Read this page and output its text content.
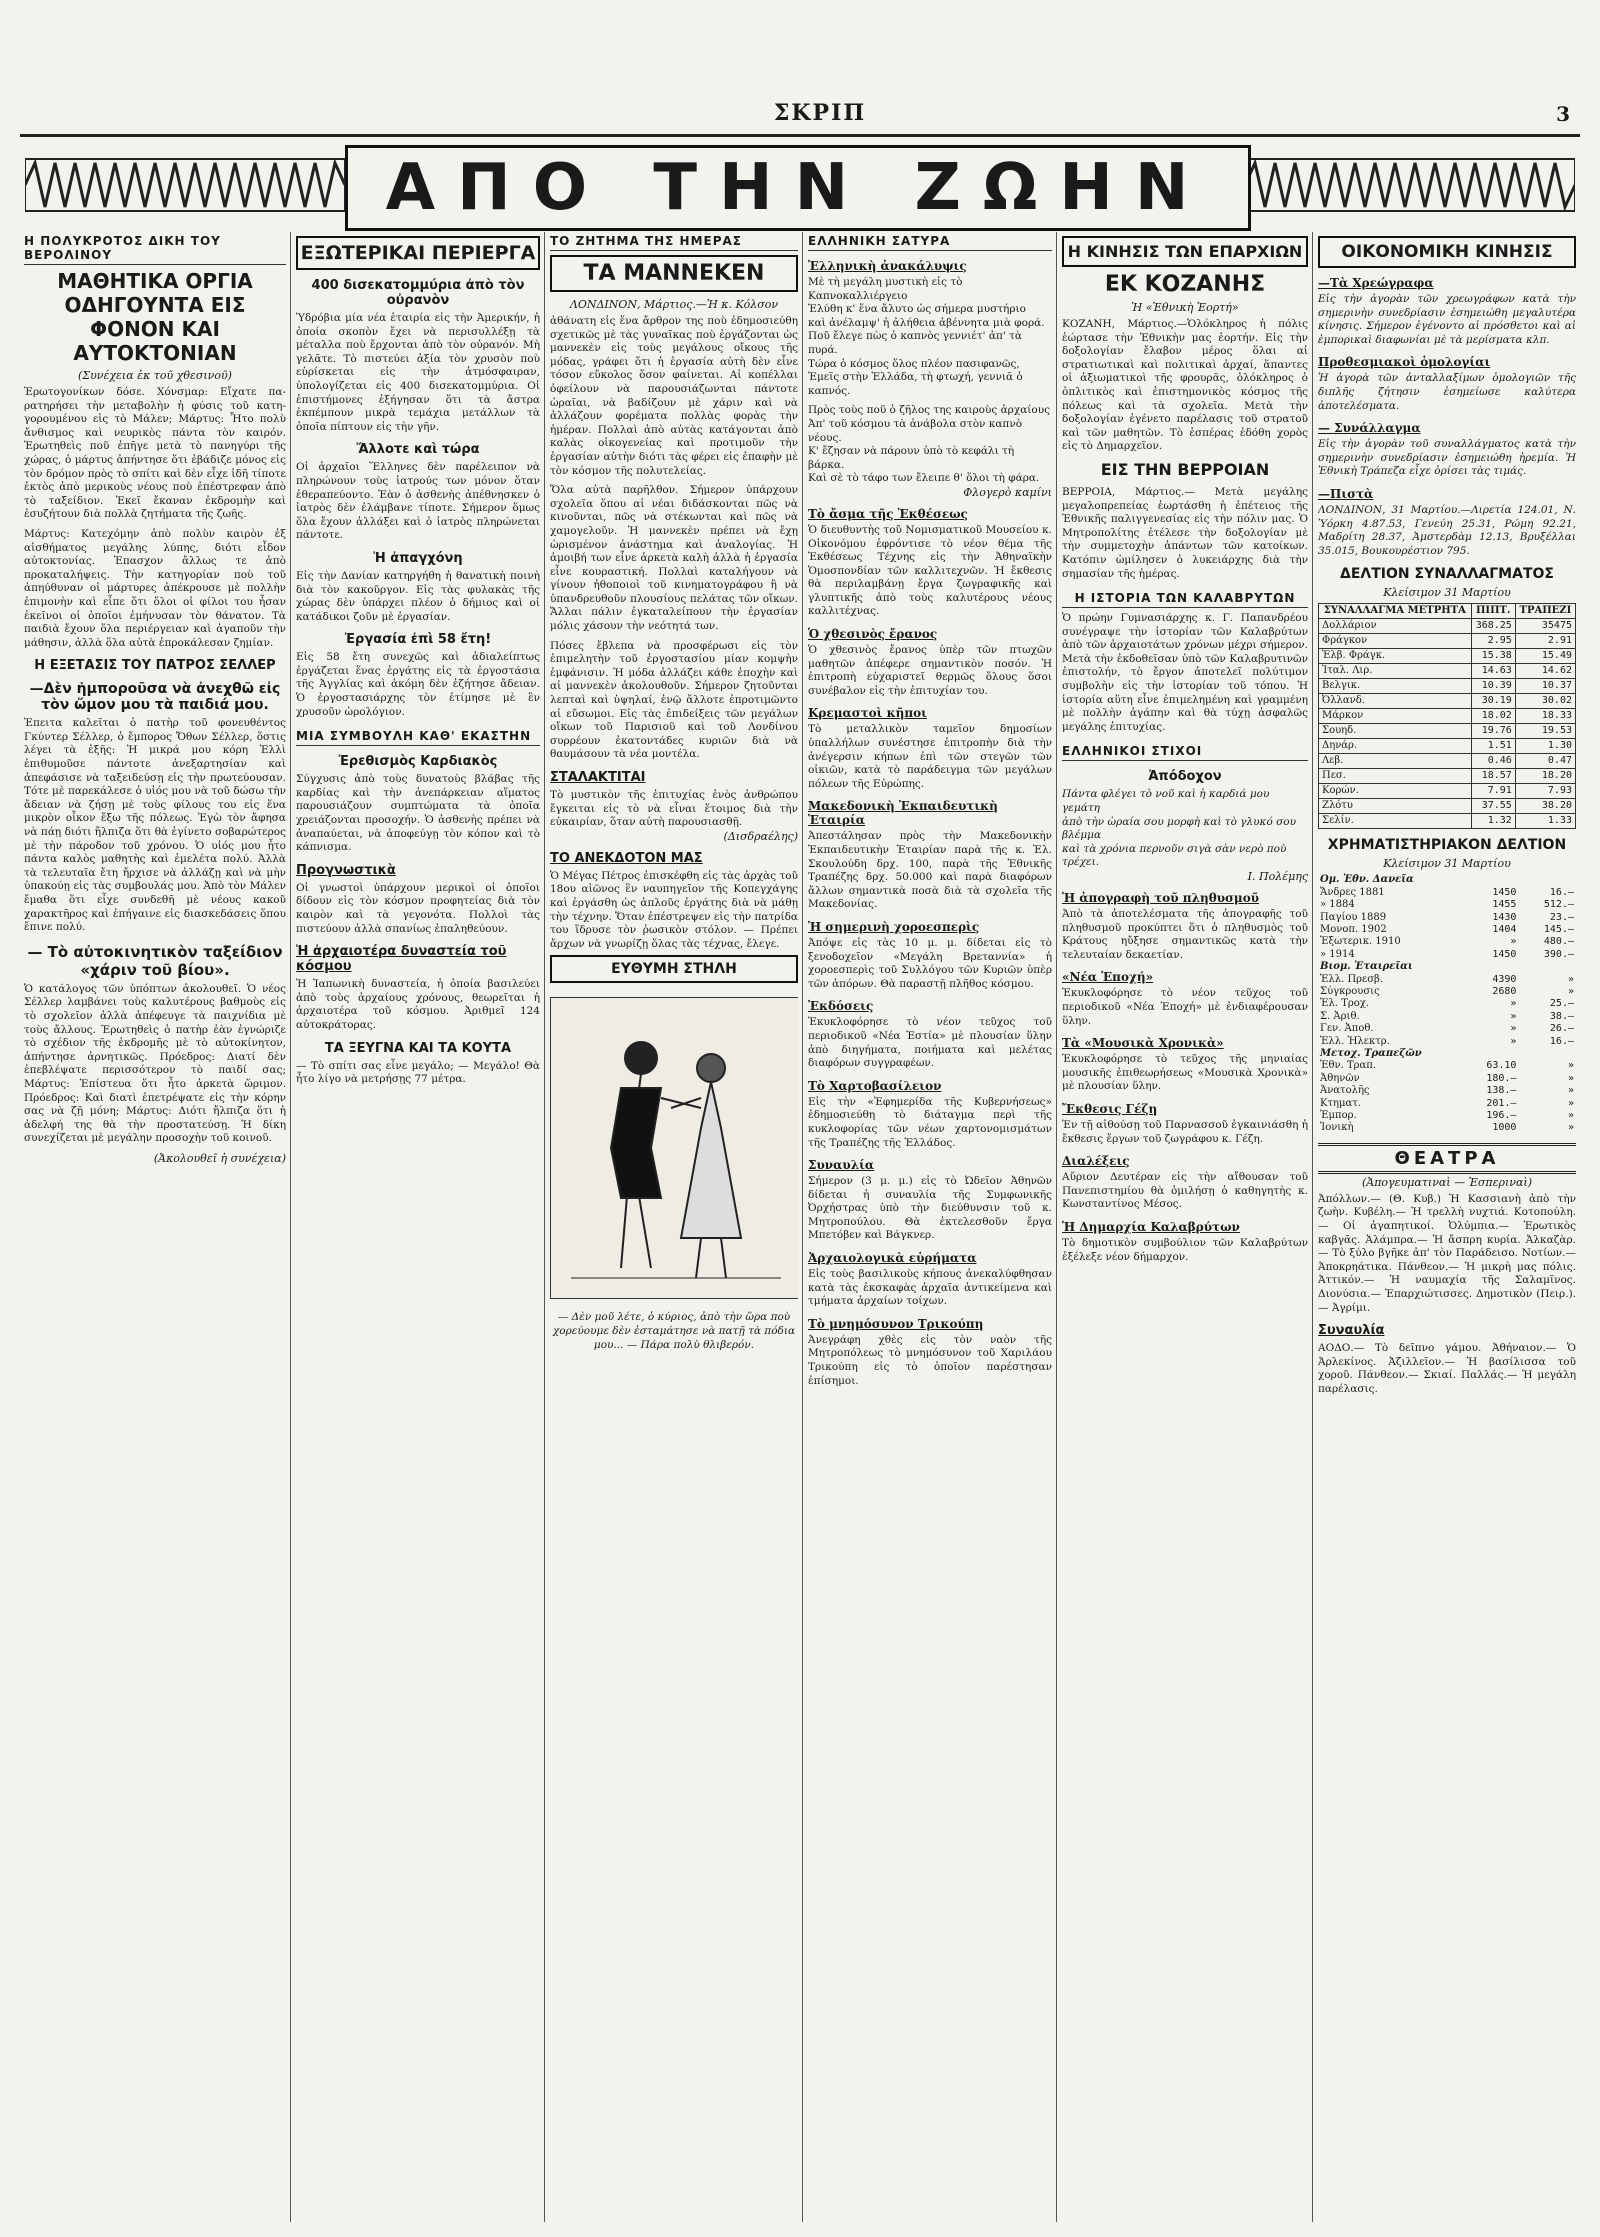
ΣΚΡΙΠ	3
ΑΠΟ ΤΗΝ ΖΩΗΝ
Η ΠΟΛΥΚΡΟΤΟΣ ΔΙΚΗ ΤΟΥ ΒΕΡΟΛΙΝΟΥ
ΜΑΘΗΤΙΚΑ ΟΡΓΙΑ ΟΔΗΓΟΥΝΤΑ ΕΙΣ ΦΟΝΟΝ ΚΑΙ ΑΥΤΟΚΤΟΝΙΑΝ
(Συνέχεια ἐκ τοῦ χθεσινοῦ)
Ἐρωτογονίκων δόσε. Χόνσμαρ: Εἴχατε πα-ρατηρήσει τὴν μεταβολὴν ἡ φύσις τοῦ κατη-γορουμένου εἰς τὸ Μάλεν; Μάρτυς: Ἦτο πολὺ ἄνθισμος καὶ νευρικὸς πάντα τὸν καιρόν. Ἐρωτηθεὶς ποῦ ἐπῆγε μετὰ τὸ πανηγύρι τῆς χώρας, ὁ μάρτυς ἀπήντησε ὅτι ἐβάδιζε μόνος εἰς τὸν δρόμον πρὸς τὸ σπίτι καὶ δὲν εἶχε ἰδῆ τίποτε ἐκτὸς ἀπὸ μερικοὺς νέους ποὺ ἐπέστρεφαν ἀπὸ τὸ ταξείδιον. Ἐκεῖ ἔκαναν ἐκδρομὴν καὶ ἐσυζήτουν διὰ πολλὰ ζητήματα τῆς ζωῆς.
Μάρτυς: Κατεχόμην ἀπὸ πολὺν καιρὸν ἐξ αἰσθήματος μεγάλης λύπης, διότι εἶδον αὐτοκτονίας. Ἐπασχον ἄλλως τε ἀπὸ προκαταλήψεις. Τὴν κατηγορίαν ποὺ τοῦ ἀπηύθυναν οἱ μάρτυρες ἀπέκρουσε μὲ πολλὴν ἐπιμονὴν καὶ εἶπε ὅτι ὅλοι οἱ φίλοι του ἦσαν ἐκεῖνοι οἱ ὁποῖοι ἐμήνυσαν τὸν θάνατον. Τὰ παιδιὰ ἔχουν ὅλα περιέργειαν καὶ ἀγαποῦν τὴν μάθησιν, ἀλλὰ ὅλα αὐτὰ ἐπροκάλεσαν ζημίαν.
Η ΕΞΕΤΑΣΙΣ ΤΟΥ ΠΑΤΡΟΣ ΣΕΛΛΕΡ
—Δὲν ἠμποροῦσα νὰ ἀνεχθῶ εἰς τὸν ὤμον μου τὰ παιδιά μου.
Ἐπειτα καλεῖται ὁ πατὴρ τοῦ φονευθέντος Γκύντερ Σέλλερ, ὁ ἔμπορος Ὄθων Σέλλερ, ὅστις λέγει τὰ ἑξῆς: Ἡ μικρά μου κόρη Ἑλλὶ ἐπιθυμοῦσε πάντοτε ἀνεξαρτησίαν καὶ ἀπεφάσισε νὰ ταξειδεύσῃ εἰς τὴν πρωτεύουσαν. Τότε μὲ παρεκάλεσε ὁ υἱός μου νὰ τοῦ δώσω τὴν ἄδειαν νὰ ζήσῃ μὲ τοὺς φίλους του εἰς ἕνα μικρὸν οἶκον ἔξω τῆς πόλεως. Ἐγὼ τὸν ἄφησα νὰ πάῃ διότι ἤλπιζα ὅτι θὰ ἐγίνετο σοβαρώτερος μὲ τὴν πάροδον τοῦ χρόνου. Ὁ υἱός μου ἦτο πάντα καλὸς μαθητὴς καὶ ἐμελέτα πολύ. Ἀλλὰ τὰ τελευταῖα ἔτη ἤρχισε νὰ ἀλλάζῃ καὶ νὰ μὴν ὑπακούῃ εἰς τὰς συμβουλάς μου. Ἀπὸ τὸν Μάλεν ἔμαθα ὅτι εἶχε συνδεθῆ μὲ νέους κακοῦ χαρακτῆρος καὶ ἐπήγαινε εἰς διασκεδάσεις ὅπου ἔπινε πολύ.
— Τὸ αὐτοκινητικὸν ταξείδιον «χάριν τοῦ βίου».
Ὁ κατάλογος τῶν ὑπόπτων ἀκολουθεῖ. Ὁ νέος Σέλλερ λαμβάνει τοὺς καλυτέρους βαθμοὺς εἰς τὸ σχολεῖον ἀλλὰ ἀπέφευγε τὰ παιχνίδια μὲ τοὺς ἄλλους. Ἐρωτηθεὶς ὁ πατὴρ ἐὰν ἐγνώριζε τὸ σχέδιον τῆς ἐκδρομῆς μὲ τὸ αὐτοκίνητον, ἀπήντησε ἀρνητικῶς. Πρόεδρος: Διατί δὲν ἐπεβλέψατε περισσότερον τὸ παιδί σας; Μάρτυς: Ἐπίστευα ὅτι ἦτο ἀρκετὰ ὥριμον. Πρόεδρος: Καὶ διατὶ ἐπετρέψατε εἰς τὴν κόρην σας νὰ ζῇ μόνη; Μάρτυς: Διότι ἤλπιζα ὅτι ἡ ἀδελφή της θὰ τὴν προστατεύσῃ. Ἡ δίκη συνεχίζεται μὲ μεγάλην προσοχὴν τοῦ κοινοῦ.
(Ἀκολουθεῖ ἡ συνέχεια)
ΕΞΩΤΕΡΙΚΑΙ ΠΕΡΙΕΡΓΑ
400 δισεκατομμύρια ἀπὸ τὸν οὐρανὸν
Ὑδρόβια μία νέα ἑταιρία εἰς τὴν Ἀμερικήν, ἡ ὁποία σκοπὸν ἔχει νὰ περισυλλέξῃ τὰ μέταλλα ποὺ ἔρχονται ἀπὸ τὸν οὐρανόν. Μὴ γελᾶτε. Τὸ πιστεύει ἀξία τὸν χρυσὸν ποὺ εὑρίσκεται εἰς τὴν ἀτμόσφαιραν, ὑπολογίζεται εἰς 400 δισεκατομμύρια. Οἱ ἐπιστήμονες ἐξήγησαν ὅτι τὰ ἄστρα ἐκπέμπουν μικρὰ τεμάχια μετάλλων τὰ ὁποῖα πίπτουν εἰς τὴν γῆν.
Ἄλλοτε καὶ τώρα
Οἱ ἀρχαῖοι Ἕλληνες δὲν παρέλειπον νὰ πληρώνουν τοὺς ἰατρούς των μόνον ὅταν ἐθεραπεύοντο. Ἐὰν ὁ ἀσθενὴς ἀπέθνησκεν ὁ ἰατρὸς δὲν ἐλάμβανε τίποτε. Σήμερον ὅμως ὅλα ἔχουν ἀλλάξει καὶ ὁ ἰατρὸς πληρώνεται πάντοτε.
Ἡ ἀπαγχόνη
Εἰς τὴν Δανίαν κατηργήθη ἡ θανατικὴ ποινὴ διὰ τὸν κακοῦργον. Εἰς τὰς φυλακὰς τῆς χώρας δὲν ὑπάρχει πλέον ὁ δήμιος καὶ οἱ κατάδικοι ζοῦν μὲ ἐργασίαν.
Ἐργασία ἐπὶ 58 ἔτη!
Εἰς 58 ἔτη συνεχῶς καὶ ἀδιαλείπτως ἐργάζεται ἕνας ἐργάτης εἰς τὰ ἐργοστάσια τῆς Ἀγγλίας καὶ ἀκόμη δὲν ἐζήτησε ἄδειαν. Ὁ ἐργοστασιάρχης τὸν ἐτίμησε μὲ ἓν χρυσοῦν ὡρολόγιον.
ΜΙΑ ΣΥΜΒΟΥΛΗ ΚΑΘ' ΕΚΑΣΤΗΝ
Ἐρεθισμὸς Καρδιακὸς
Σύγχυσις ἀπὸ τοὺς δυνατοὺς βλάβας τῆς καρδίας καὶ τὴν ἀνεπάρκειαν αἵματος παρουσιάζουν συμπτώματα τὰ ὁποῖα χρειάζονται προσοχήν. Ὁ ἀσθενὴς πρέπει νὰ ἀναπαύεται, νὰ ἀποφεύγῃ τὸν κόπον καὶ τὸ κάπνισμα.
Προγνωστικὰ
Οἱ γνωστοὶ ὑπάρχουν μερικοὶ οἱ ὁποῖοι δίδουν εἰς τὸν κόσμον προφητείας διὰ τὸν καιρὸν καὶ τὰ γεγονότα. Πολλοὶ τὰς πιστεύουν ἀλλὰ σπανίως ἐπαληθεύουν.
Ἡ ἀρχαιοτέρα δυναστεία τοῦ κόσμου
Ἡ Ἰαπωνικὴ δυναστεία, ἡ ὁποία βασιλεύει ἀπὸ τοὺς ἀρχαίους χρόνους, θεωρεῖται ἡ ἀρχαιοτέρα τοῦ κόσμου. Ἀριθμεῖ 124 αὐτοκράτορας.
ΤΑ ΞΕΥΓΝΑ ΚΑΙ ΤΑ ΚΟΥΤΑ
— Τὸ σπίτι σας εἶνε μεγάλο; — Μεγάλο! Θὰ ἦτο λίγο νὰ μετρήσῃς 77 μέτρα.
ΤΟ ΖΗΤΗΜΑ ΤΗΣ ΗΜΕΡΑΣ
ΤΑ ΜΑΝΝΕΚΕΝ
ΛΟΝΔΙΝΟΝ, Μάρτιος.—Ἡ κ. Κόλσον
ἀθάνατη εἰς ἕνα ἄρθρον της ποὺ ἐδημοσιεύθη σχετικῶς μὲ τὰς γυναῖκας ποὺ ἐργάζονται ὡς μαννεκὲν εἰς τοὺς μεγάλους οἴκους τῆς μόδας, γράφει ὅτι ἡ ἐργασία αὐτὴ δὲν εἶνε τόσον εὔκολος ὅσον φαίνεται. Αἱ κοπέλλαι ὀφείλουν νὰ παρουσιάζωνται πάντοτε ὡραῖαι, νὰ βαδίζουν μὲ χάριν καὶ νὰ ἀλλάζουν φορέματα πολλὰς φορὰς τὴν ἡμέραν. Πολλαὶ ἀπὸ αὐτὰς κατάγονται ἀπὸ καλὰς οἰκογενείας καὶ προτιμοῦν τὴν ἐργασίαν αὐτὴν διότι τὰς φέρει εἰς ἐπαφὴν μὲ τὸν κόσμον τῆς πολυτελείας.
Ὅλα αὐτὰ παρῆλθον. Σήμερον ὑπάρχουν σχολεῖα ὅπου αἱ νέαι διδάσκονται πῶς νὰ κινοῦνται, πῶς νὰ στέκωνται καὶ πῶς νὰ χαμογελοῦν. Ἡ μαννεκὲν πρέπει νὰ ἔχῃ ὡρισμένον ἀνάστημα καὶ ἀναλογίας. Ἡ ἀμοιβή των εἶνε ἀρκετὰ καλὴ ἀλλὰ ἡ ἐργασία εἶνε κουραστική. Πολλαὶ καταλήγουν νὰ γίνουν ἠθοποιοὶ τοῦ κινηματογράφου ἢ νὰ ὑπανδρευθοῦν πλουσίους πελάτας τῶν οἴκων. Ἄλλαι πάλιν ἐγκαταλείπουν τὴν ἐργασίαν μόλις χάσουν τὴν νεότητά των.
Πόσες ἔβλεπα νὰ προσφέρωσι εἰς τὸν ἐπιμελητὴν τοῦ ἐργοστασίου μίαν κομψὴν ἐμφάνισιν. Ἡ μόδα ἀλλάζει κάθε ἐποχὴν καὶ αἱ μαννεκὲν ἀκολουθοῦν. Σήμερον ζητοῦνται λεπταὶ καὶ ὑψηλαί, ἐνῷ ἄλλοτε ἐπροτιμῶντο αἱ εὔσωμοι. Εἰς τὰς ἐπιδείξεις τῶν μεγάλων οἴκων τοῦ Παρισιοῦ καὶ τοῦ Λονδίνου συρρέουν ἑκατοντάδες κυριῶν διὰ νὰ θαυμάσουν τὰ νέα μοντέλα.
ΣΤΑΛΑΚΤΙΤΑΙ
Τὸ μυστικὸν τῆς ἐπιτυχίας ἑνὸς ἀνθρώπου ἔγκειται εἰς τὸ νὰ εἶναι ἕτοιμος διὰ τὴν εὐκαιρίαν, ὅταν αὐτὴ παρουσιασθῇ.
(Δισδραέλης)
ΤΟ ΑΝΕΚΔΟΤΟΝ ΜΑΣ
Ὁ Μέγας Πέτρος ἐπισκέφθη εἰς τὰς ἀρχὰς τοῦ 18ου αἰῶνος ἓν ναυπηγεῖον τῆς Κοπεγχάγης καὶ ἐργάσθη ὡς ἁπλοῦς ἐργάτης διὰ νὰ μάθῃ τὴν τέχνην. Ὅταν ἐπέστρεψεν εἰς τὴν πατρίδα του ἵδρυσε τὸν ῥωσικὸν στόλον. — Πρέπει ἄρχων νὰ γνωρίζῃ ὅλας τὰς τέχνας, ἔλεγε.
ΕΥΘΥΜΗ ΣΤΗΛΗ
— Δὲν μοῦ λέτε, ὁ κύριος, ἀπὸ τὴν ὥρα ποὺ χορεύουμε δὲν ἐσταμάτησε νὰ πατῇ τὰ πόδια μου... — Πάρα πολὺ θλιβερόν.
ΕΛΛΗΝΙΚΗ ΣΑΤΥΡΑ
Ἑλληνικὴ ἀνακάλυψις
Μὲ τὴ μεγάλη μυστικὴ εἰς τὸ Καπνοκαλλιέργειο
Ἐλύθη κ' ἕνα ἄλυτο ὡς σήμερα μυστήριο
καὶ ἀνέλαμψ' ἡ ἀλήθεια ἀβέννητα μιὰ φορά.
Ποῦ ἔλεγε πὼς ὁ καπνὸς γεννιέτ' ἀπ' τὰ πυρά.
Τώρα ὁ κόσμος ὅλος πλέον πασιφανῶς,
Ἐμεῖς στὴν Ἑλλάδα, τὴ φτωχή, γεννιᾶ ὁ καπνός.
Πρὸς τοὺς ποῦ ὁ ζῆλος της καιροὺς ἀρχαίους
Ἀπ' τοῦ κόσμου τὰ ἀνάβολα στὸν καπνὸ νέους.
Κ' ἔζησαν νὰ πάρουν ὑπὸ τὸ κεφάλι τὴ βάρκα.
Καὶ σὲ τὸ τάφο των ἔλειπε θ' ὅλοι τὴ φάρα.
Φλογερὸ καμίνι
Τὸ ἄσμα τῆς Ἐκθέσεως
Ὁ διευθυντὴς τοῦ Νομισματικοῦ Μουσείου κ. Οἰκονόμου ἐφρόντισε τὸ νέον θέμα τῆς Ἐκθέσεως Τέχνης εἰς τὴν Ἀθηναϊκὴν Ὁμοσπονδίαν τῶν καλλιτεχνῶν. Ἡ ἔκθεσις θὰ περιλαμβάνῃ ἔργα ζωγραφικῆς καὶ γλυπτικῆς ἀπὸ τοὺς καλυτέρους νέους καλλιτέχνας.
Ὁ χθεσινὸς ἔρανος
Ὁ χθεσινὸς ἔρανος ὑπὲρ τῶν πτωχῶν μαθητῶν ἀπέφερε σημαντικὸν ποσόν. Ἡ ἐπιτροπὴ εὐχαριστεῖ θερμῶς ὅλους ὅσοι συνέβαλον εἰς τὴν ἐπιτυχίαν του.
Κρεμαστοὶ κῆποι
Τὸ μεταλλικὸν ταμεῖον δημοσίων ὑπαλλήλων συνέστησε ἐπιτροπὴν διὰ τὴν ἀνέγερσιν κήπων ἐπὶ τῶν στεγῶν τῶν οἰκιῶν, κατὰ τὸ παράδειγμα τῶν μεγάλων πόλεων τῆς Εὐρώπης.
Μακεδονικὴ Ἐκπαιδευτικὴ Ἑταιρία
Ἀπεστάλησαν πρὸς τὴν Μακεδονικὴν Ἐκπαιδευτικὴν Ἑταιρίαν παρὰ τῆς κ. Ἐλ. Σκουλούδη δρχ. 100, παρὰ τῆς Ἐθνικῆς Τραπέζης δρχ. 50.000 καὶ παρὰ διαφόρων ἄλλων σημαντικὰ ποσὰ διὰ τὰ σχολεῖα τῆς Μακεδονίας.
Ἡ σημερινὴ χοροεσπερὶς
Ἀπόψε εἰς τὰς 10 μ. μ. δίδεται εἰς τὸ ξενοδοχεῖον «Μεγάλη Βρεταννία» ἡ χοροεσπερὶς τοῦ Συλλόγου τῶν Κυριῶν ὑπὲρ τῶν ἀπόρων. Θὰ παραστῇ πλῆθος κόσμου.
Ἐκδόσεις
Ἐκυκλοφόρησε τὸ νέον τεῦχος τοῦ περιοδικοῦ «Νέα Ἑστία» μὲ πλουσίαν ὕλην ἀπὸ διηγήματα, ποιήματα καὶ μελέτας διαφόρων συγγραφέων.
Τὸ Χαρτοβασίλειον
Εἰς τὴν «Ἐφημερίδα τῆς Κυβερνήσεως» ἐδημοσιεύθη τὸ διάταγμα περὶ τῆς κυκλοφορίας τῶν νέων χαρτονομισμάτων τῆς Τραπέζης τῆς Ἑλλάδος.
Συναυλία
Σήμερον (3 μ. μ.) εἰς τὸ Ὠδεῖον Ἀθηνῶν δίδεται ἡ συναυλία τῆς Συμφωνικῆς Ὀρχήστρας ὑπὸ τὴν διεύθυνσιν τοῦ κ. Μητροπούλου. Θὰ ἐκτελεσθοῦν ἔργα Μπετόβεν καὶ Βάγκνερ.
Ἀρχαιολογικὰ εὑρήματα
Εἰς τοὺς βασιλικοὺς κήπους ἀνεκαλύφθησαν κατὰ τὰς ἐκσκαφὰς ἀρχαῖα ἀντικείμενα καὶ τμήματα ἀρχαίων τοίχων.
Τὸ μνημόσυνον Τρικούπη
Ἀνεγράφη χθὲς εἰς τὸν ναὸν τῆς Μητροπόλεως τὸ μνημόσυνον τοῦ Χαριλάου Τρικούπη εἰς τὸ ὁποῖον παρέστησαν ἐπίσημοι.
Η ΚΙΝΗΣΙΣ ΤΩΝ ΕΠΑΡΧΙΩΝ
ΕΚ ΚΟΖΑΝΗΣ
Ἡ «Ἐθνικὴ Ἑορτή»
ΚΟΖΑΝΗ, Μάρτιος.—Ὁλόκληρος ἡ πόλις ἑώρτασε τὴν Ἐθνικὴν μας ἑορτήν. Εἰς τὴν δοξολογίαν ἔλαβον μέρος ὅλαι αἱ στρατιωτικαὶ καὶ πολιτικαὶ ἀρχαί, ἅπαντες οἱ ἀξιωματικοὶ τῆς φρουρᾶς, ὁλόκληρος ὁ ὁπλιτικὸς καὶ ἐπιστημονικὸς κόσμος τῆς πόλεως καὶ τὰ σχολεῖα. Μετὰ τὴν δοξολογίαν ἐγένετο παρέλασις τοῦ στρατοῦ καὶ τῶν μαθητῶν. Τὸ ἑσπέρας ἐδόθη χορὸς εἰς τὸ Δημαρχεῖον.
ΕΙΣ ΤΗΝ ΒΕΡΡΟΙΑΝ
ΒΕΡΡΟΙΑ, Μάρτιος.— Μετὰ μεγάλης μεγαλοπρεπείας ἑωρτάσθη ἡ ἐπέτειος τῆς Ἐθνικῆς παλιγγενεσίας εἰς τὴν πόλιν μας. Ὁ Μητροπολίτης ἐτέλεσε τὴν δοξολογίαν μὲ τὴν συμμετοχὴν ἁπάντων τῶν κατοίκων. Κατόπιν ὠμίλησεν ὁ λυκειάρχης διὰ τὴν σημασίαν τῆς ἡμέρας.
Η ΙΣΤΟΡΙΑ ΤΩΝ ΚΑΛΑΒΡΥΤΩΝ
Ὁ πρώην Γυμνασιάρχης κ. Γ. Παπανδρέου συνέγραψε τὴν ἱστορίαν τῶν Καλαβρύτων ἀπὸ τῶν ἀρχαιοτάτων χρόνων μέχρι σήμερον. Μετὰ τὴν ἐκδοθεῖσαν ὑπὸ τῶν Καλαβρυτινῶν ἐπιστολήν, τὸ ἔργον ἀποτελεῖ πολύτιμον συμβολὴν εἰς τὴν ἱστορίαν τοῦ τόπου. Ἡ ἱστορία αὕτη εἶνε ἐπιμελημένη καὶ γραμμένη μὲ πολλὴν ἀγάπην καὶ θὰ τύχῃ ἀσφαλῶς μεγάλης ἐπιτυχίας.
ΕΛΛΗΝΙΚΟΙ ΣΤΙΧΟΙ
Ἀπόδοχον
Πάντα φλέγει τὸ νοῦ καὶ ἡ καρδιά μου γεμάτη
ἀπὸ τὴν ὡραία σου μορφὴ καὶ τὸ γλυκό σου βλέμμα
καὶ τὰ χρόνια περνοῦν σιγὰ σὰν νερὸ ποὺ τρέχει.
Ι. Πολέμης
Ἡ ἀπογραφὴ τοῦ πληθυσμοῦ
Ἀπὸ τὰ ἀποτελέσματα τῆς ἀπογραφῆς τοῦ πληθυσμοῦ προκύπτει ὅτι ὁ πληθυσμὸς τοῦ Κράτους ηὔξησε σημαντικῶς κατὰ τὴν τελευταίαν δεκαετίαν.
«Νέα Ἐποχή»
Ἐκυκλοφόρησε τὸ νέον τεῦχος τοῦ περιοδικοῦ «Νέα Ἐποχή» μὲ ἐνδιαφέρουσαν ὕλην.
Τὰ «Μουσικὰ Χρονικὰ»
Ἐκυκλοφόρησε τὸ τεῦχος τῆς μηνιαίας μουσικῆς ἐπιθεωρήσεως «Μουσικὰ Χρονικὰ» μὲ πλουσίαν ὕλην.
Ἔκθεσις Γέζη
Ἐν τῇ αἰθούσῃ τοῦ Παρνασσοῦ ἐγκαινιάσθη ἡ ἔκθεσις ἔργων τοῦ ζωγράφου κ. Γέζη.
Διαλέξεις
Αὔριον Δευτέραν εἰς τὴν αἴθουσαν τοῦ Πανεπιστημίου θὰ ὁμιλήσῃ ὁ καθηγητὴς κ. Κωνσταντίνος Μέσος.
Ἡ Δημαρχία Καλαβρύτων
Τὸ δημοτικὸν συμβούλιον τῶν Καλαβρύτων ἐξέλεξε νέον δήμαρχον.
ΟΙΚΟΝΟΜΙΚΗ ΚΙΝΗΣΙΣ
—Τὰ Χρεώγραφα
Εἰς τὴν ἀγορὰν τῶν χρεωγράφων κατὰ τὴν σημερινὴν συνεδρίασιν ἐσημειώθη μεγαλυτέρα κίνησις. Σήμερον ἐγένοντο αἱ πρόσθετοι καὶ αἱ ἐμπορικαὶ διαφωνίαι μὲ τὰ μερίσματα κλπ.
Προθεσμιακοὶ ὁμολογίαι
Ἡ ἀγορὰ τῶν ἀνταλλαξίμων ὁμολογιῶν τῆς διπλῆς ζήτησιν ἐσημείωσε καλύτερα ἀποτελέσματα.
— Συνάλλαγμα
Εἰς τὴν ἀγορὰν τοῦ συναλλάγματος κατὰ τὴν σημερινὴν συνεδρίασιν ἐσημειώθη ἡρεμία. Ἡ Ἐθνικὴ Τράπεζα εἶχε ὁρίσει τὰς τιμάς.
—Πιστὰ
ΛΟΝΔΙΝΟΝ, 31 Μαρτίου.—Λιρετία 124.01, Ν. Ὑόρκη 4.87.53, Γενεύη 25.31, Ρώμη 92.21, Μαδρίτη 28.37, Ἀμστερδὰμ 12.13, Βρυξέλλαι 35.015, Βουκουρέστιον 795.
ΔΕΛΤΙΟΝ ΣΥΝΑΛΛΑΓΜΑΤΟΣ
Κλείσιμον 31 Μαρτίου
ΣΥΝΑΛΛΑΓΜΑ ΜΕΤΡΗΤΑ	ΠΙΠΤ.	ΤΡΑΠΕΖΙ
Δολλάριον	368.25	35475
Φράγκον	2.95	2.91
Ἑλβ. Φράγκ.	15.38	15.49
Ἰταλ. Λιρ.	14.63	14.62
Βελγικ.	10.39	10.37
Ὀλλανδ.	30.19	30.02
Μάρκον	18.02	18.33
Σουηδ.	19.76	19.53
Δηνάρ.	1.51	1.30
Λεβ.	0.46	0.47
Πεσ.	18.57	18.20
Κορών.	7.91	7.93
Ζλότυ	37.55	38.20
Σελίν.	1.32	1.33
ΧΡΗΜΑΤΙΣΤΗΡΙΑΚΟΝ ΔΕΛΤΙΟΝ
Κλείσιμον 31 Μαρτίου
Ομ. Ἐθν. Δανεῖα		
Ἄνδρες 1881	1450	16.—
» 1884	1455	512.—
Παγίου 1889	1430	23.—
Μονοπ. 1902	1404	145.—
Ἐξωτερικ. 1910	»	480.—
» 1914	1450	390.—
Βιομ. Ἑταιρεῖαι		
Ἑλλ. Πρεσβ.	4390	»
Σύγκρουσις	2680	»
Ἐλ. Τροχ.	»	25.—
Σ. Ἀριθ.	»	38.—
Γεν. Ἀποθ.	»	26.—
Ἑλλ. Ἠλεκτρ.	»	16.—
Μετοχ. Τραπεζῶν		
Ἐθν. Τραπ.	63.10	»
Ἀθηνῶν	180.—	»
Ἀνατολῆς	138.—	»
Κτηματ.	201.—	»
Ἐμπορ.	196.—	»
Ἰονικὴ	1000	»
ΘΕΑΤΡΑ
(Ἀπογευματιναὶ — Ἑσπεριναὶ)
Ἀπόλλων.— (Θ. Κυβ.) Ἡ Κασσιανὴ ἀπὸ τὴν ζωὴν. Κυβέλη.— Ἡ τρελλὴ νυχτιά. Κοτοπούλη.— Οἱ ἀγαπητικοί. Ὀλύμπια.— Ἐρωτικὸς καβγᾶς. Ἀλάμπρα.— Ἡ ἄσπρη κυρία. Ἀλκαζὰρ.— Τὸ ξύλο βγῆκε ἀπ' τὸν Παράδεισο. Νοτίων.— Ἀποκρηάτικα. Πάνθεον.— Ἡ μικρὴ μας πόλις. Ἀττικόν.— Ἡ ναυμαχία τῆς Σαλαμῖνος. Διονύσια.— Ἐπαρχιώτισσες. Δημοτικὸν (Πειρ.).— Ἀγρίμι.
Συναυλία
ΑΟΔΟ.— Τὸ δεῖπνο γάμου. Ἀθήναιον.— Ὁ Ἀρλεκίνος. Ἀζιλλεῖον.— Ἡ βασίλισσα τοῦ χοροῦ. Πάνθεον.— Σκιαί. Παλλάς.— Ἡ μεγάλη παρέλασις.
